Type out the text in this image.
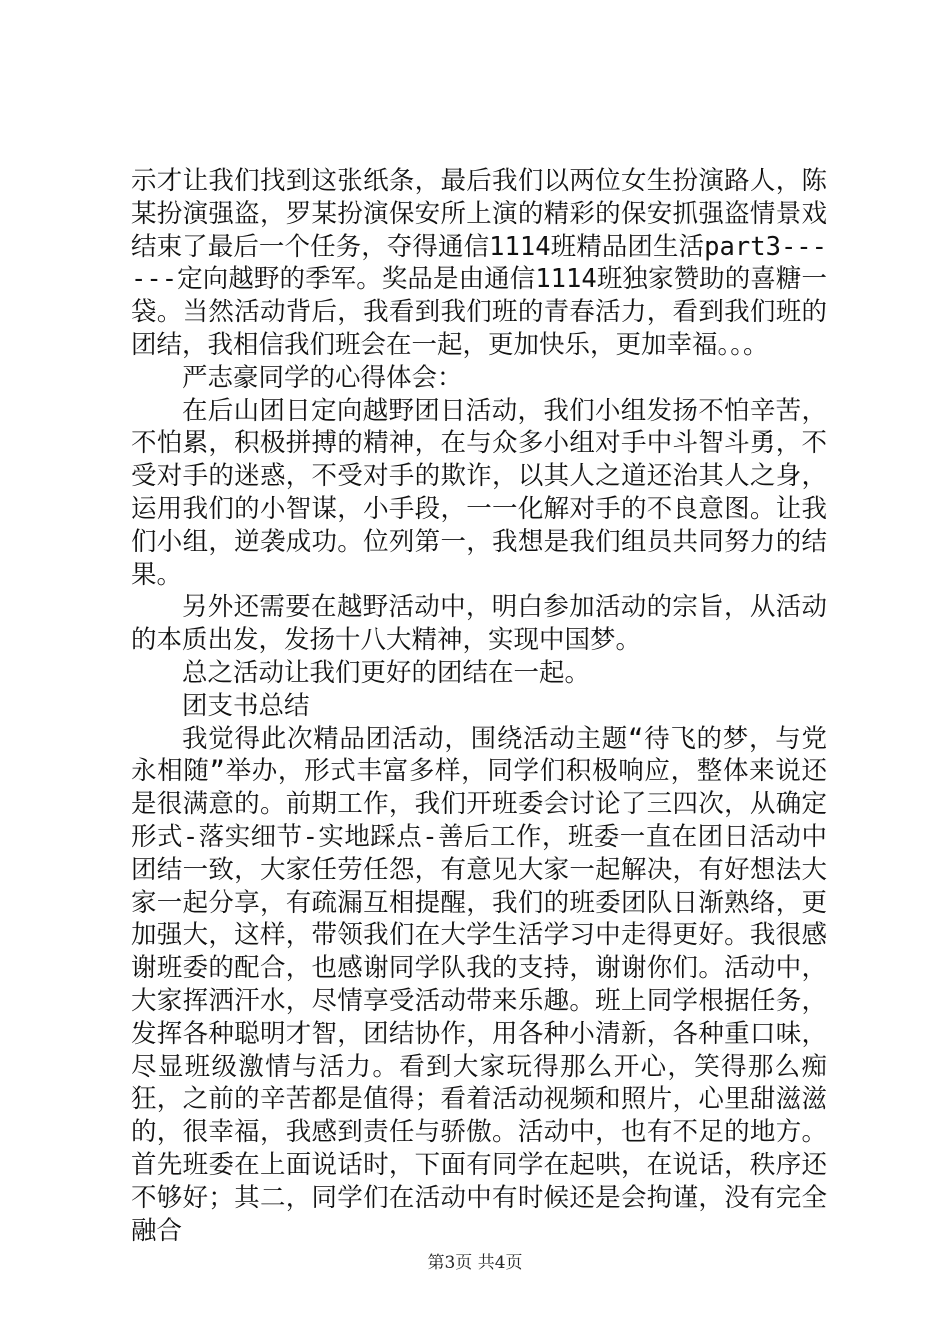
示才让我们找到这张纸条，最后我们以两位女生扮演路人，陈某扮演强盗，罗某扮演保安所上演的精彩的保安抓强盗情景戏结束了最后一个任务，夺得通信1114班精品团生活part3------定向越野的季军。奖品是由通信1114班独家赞助的喜糖一袋。当然活动背后，我看到我们班的青春活力，看到我们班的团结，我相信我们班会在一起，更加快乐，更加幸福。。。

严志豪同学的心得体会：

在后山团日定向越野团日活动，我们小组发扬不怕辛苦，不怕累，积极拼搏的精神，在与众多小组对手中斗智斗勇，不受对手的迷惑，不受对手的欺诈，以其人之道还治其人之身，运用我们的小智谋，小手段，一一化解对手的不良意图。让我们小组，逆袭成功。位列第一，我想是我们组员共同努力的结果。

另外还需要在越野活动中，明白参加活动的宗旨，从活动的本质出发，发扬十八大精神，实现中国梦。

总之活动让我们更好的团结在一起。

团支书总结

我觉得此次精品团活动，围绕活动主题“待飞的梦，与党永相随”举办，形式丰富多样，同学们积极响应，整体来说还是很满意的。前期工作，我们开班委会讨论了三四次，从确定形式-落实细节-实地踩点-善后工作，班委一直在团日活动中团结一致，大家任劳任怨，有意见大家一起解决，有好想法大家一起分享，有疏漏互相提醒，我们的班委团队日渐熟络，更加强大，这样，带领我们在大学生活学习中走得更好。我很感谢班委的配合，也感谢同学队我的支持，谢谢你们。活动中，大家挥洒汗水，尽情享受活动带来乐趣。班上同学根据任务，发挥各种聪明才智，团结协作，用各种小清新，各种重口味，尽显班级激情与活力。看到大家玩得那么开心，笑得那么痴狂，之前的辛苦都是值得；看着活动视频和照片，心里甜滋滋的，很幸福，我感到责任与骄傲。活动中，也有不足的地方。首先班委在上面说话时，下面有同学在起哄，在说话，秩序还不够好；其二，同学们在活动中有时候还是会拘谨，没有完全融合

第3页 共4页
